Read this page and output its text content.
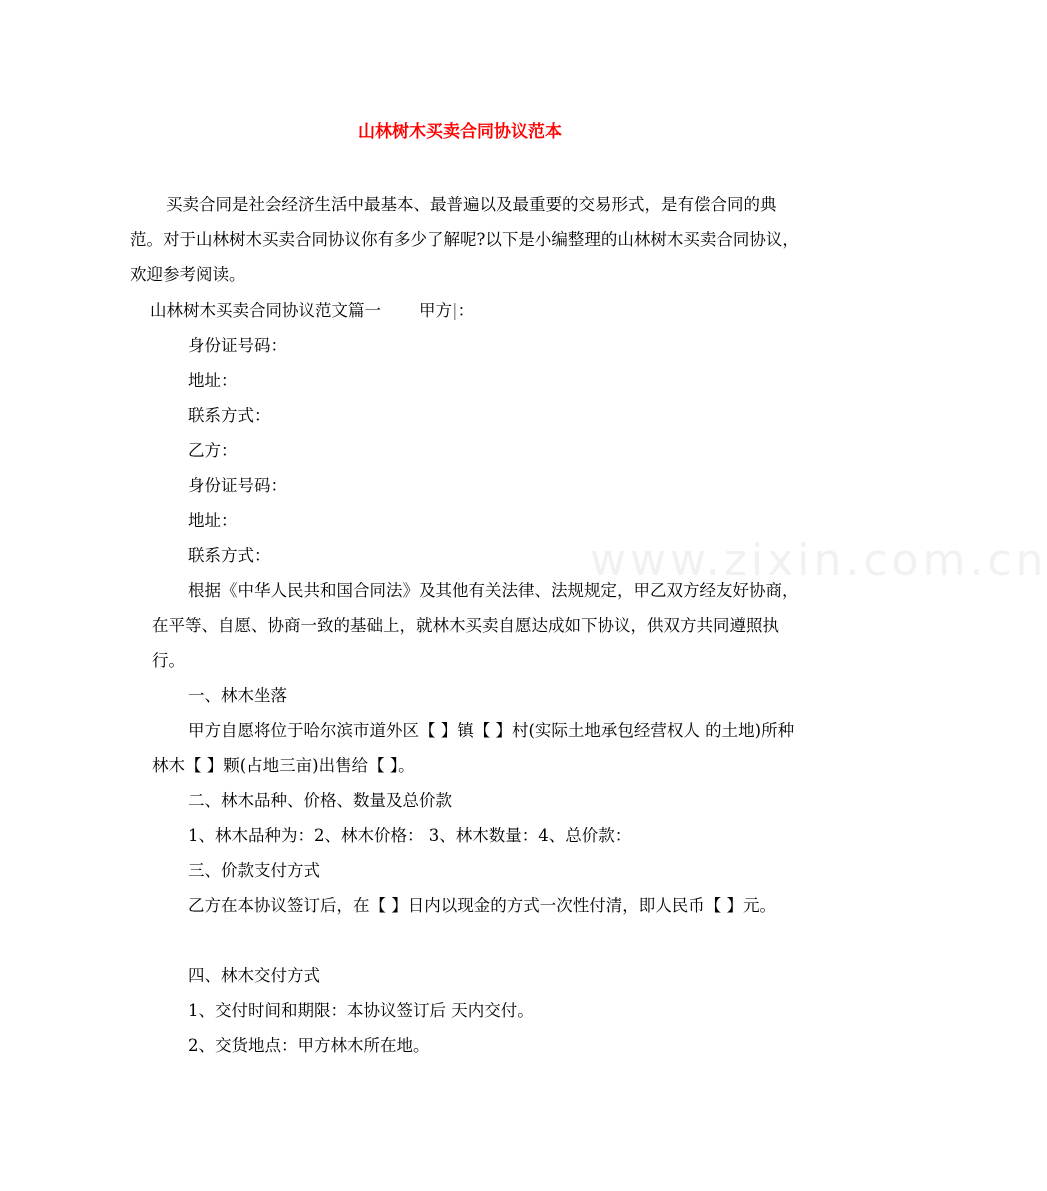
www.zixin.com.cn
山林树木买卖合同协议范本
买卖合同是社会经济生活中最基本、最普遍以及最重要的交易形式，是有偿合同的典范。对于山林树木买卖合同协议你有多少了解呢?以下是小编整理的山林树木买卖合同协议，欢迎参考阅读。
山林树木买卖合同协议范文篇一 甲方|：
身份证号码：
地址：
联系方式：
乙方：
身份证号码：
地址：
联系方式：
根据《中华人民共和国合同法》及其他有关法律、法规规定，甲乙双方经友好协商，在平等、自愿、协商一致的基础上，就林木买卖自愿达成如下协议，供双方共同遵照执行。
一、林木坐落
甲方自愿将位于哈尔滨市道外区【 】镇【 】村(实际土地承包经营权人 的土地)所种林木【 】颗(占地三亩)出售给【 】。
二、林木品种、价格、数量及总价款
1、林木品种为：2、林木价格： 3、林木数量：4、总价款：
三、价款支付方式
乙方在本协议签订后，在【 】日内以现金的方式一次性付清，即人民币【 】元。
四、林木交付方式
1、交付时间和期限：本协议签订后 天内交付。
2、交货地点：甲方林木所在地。
